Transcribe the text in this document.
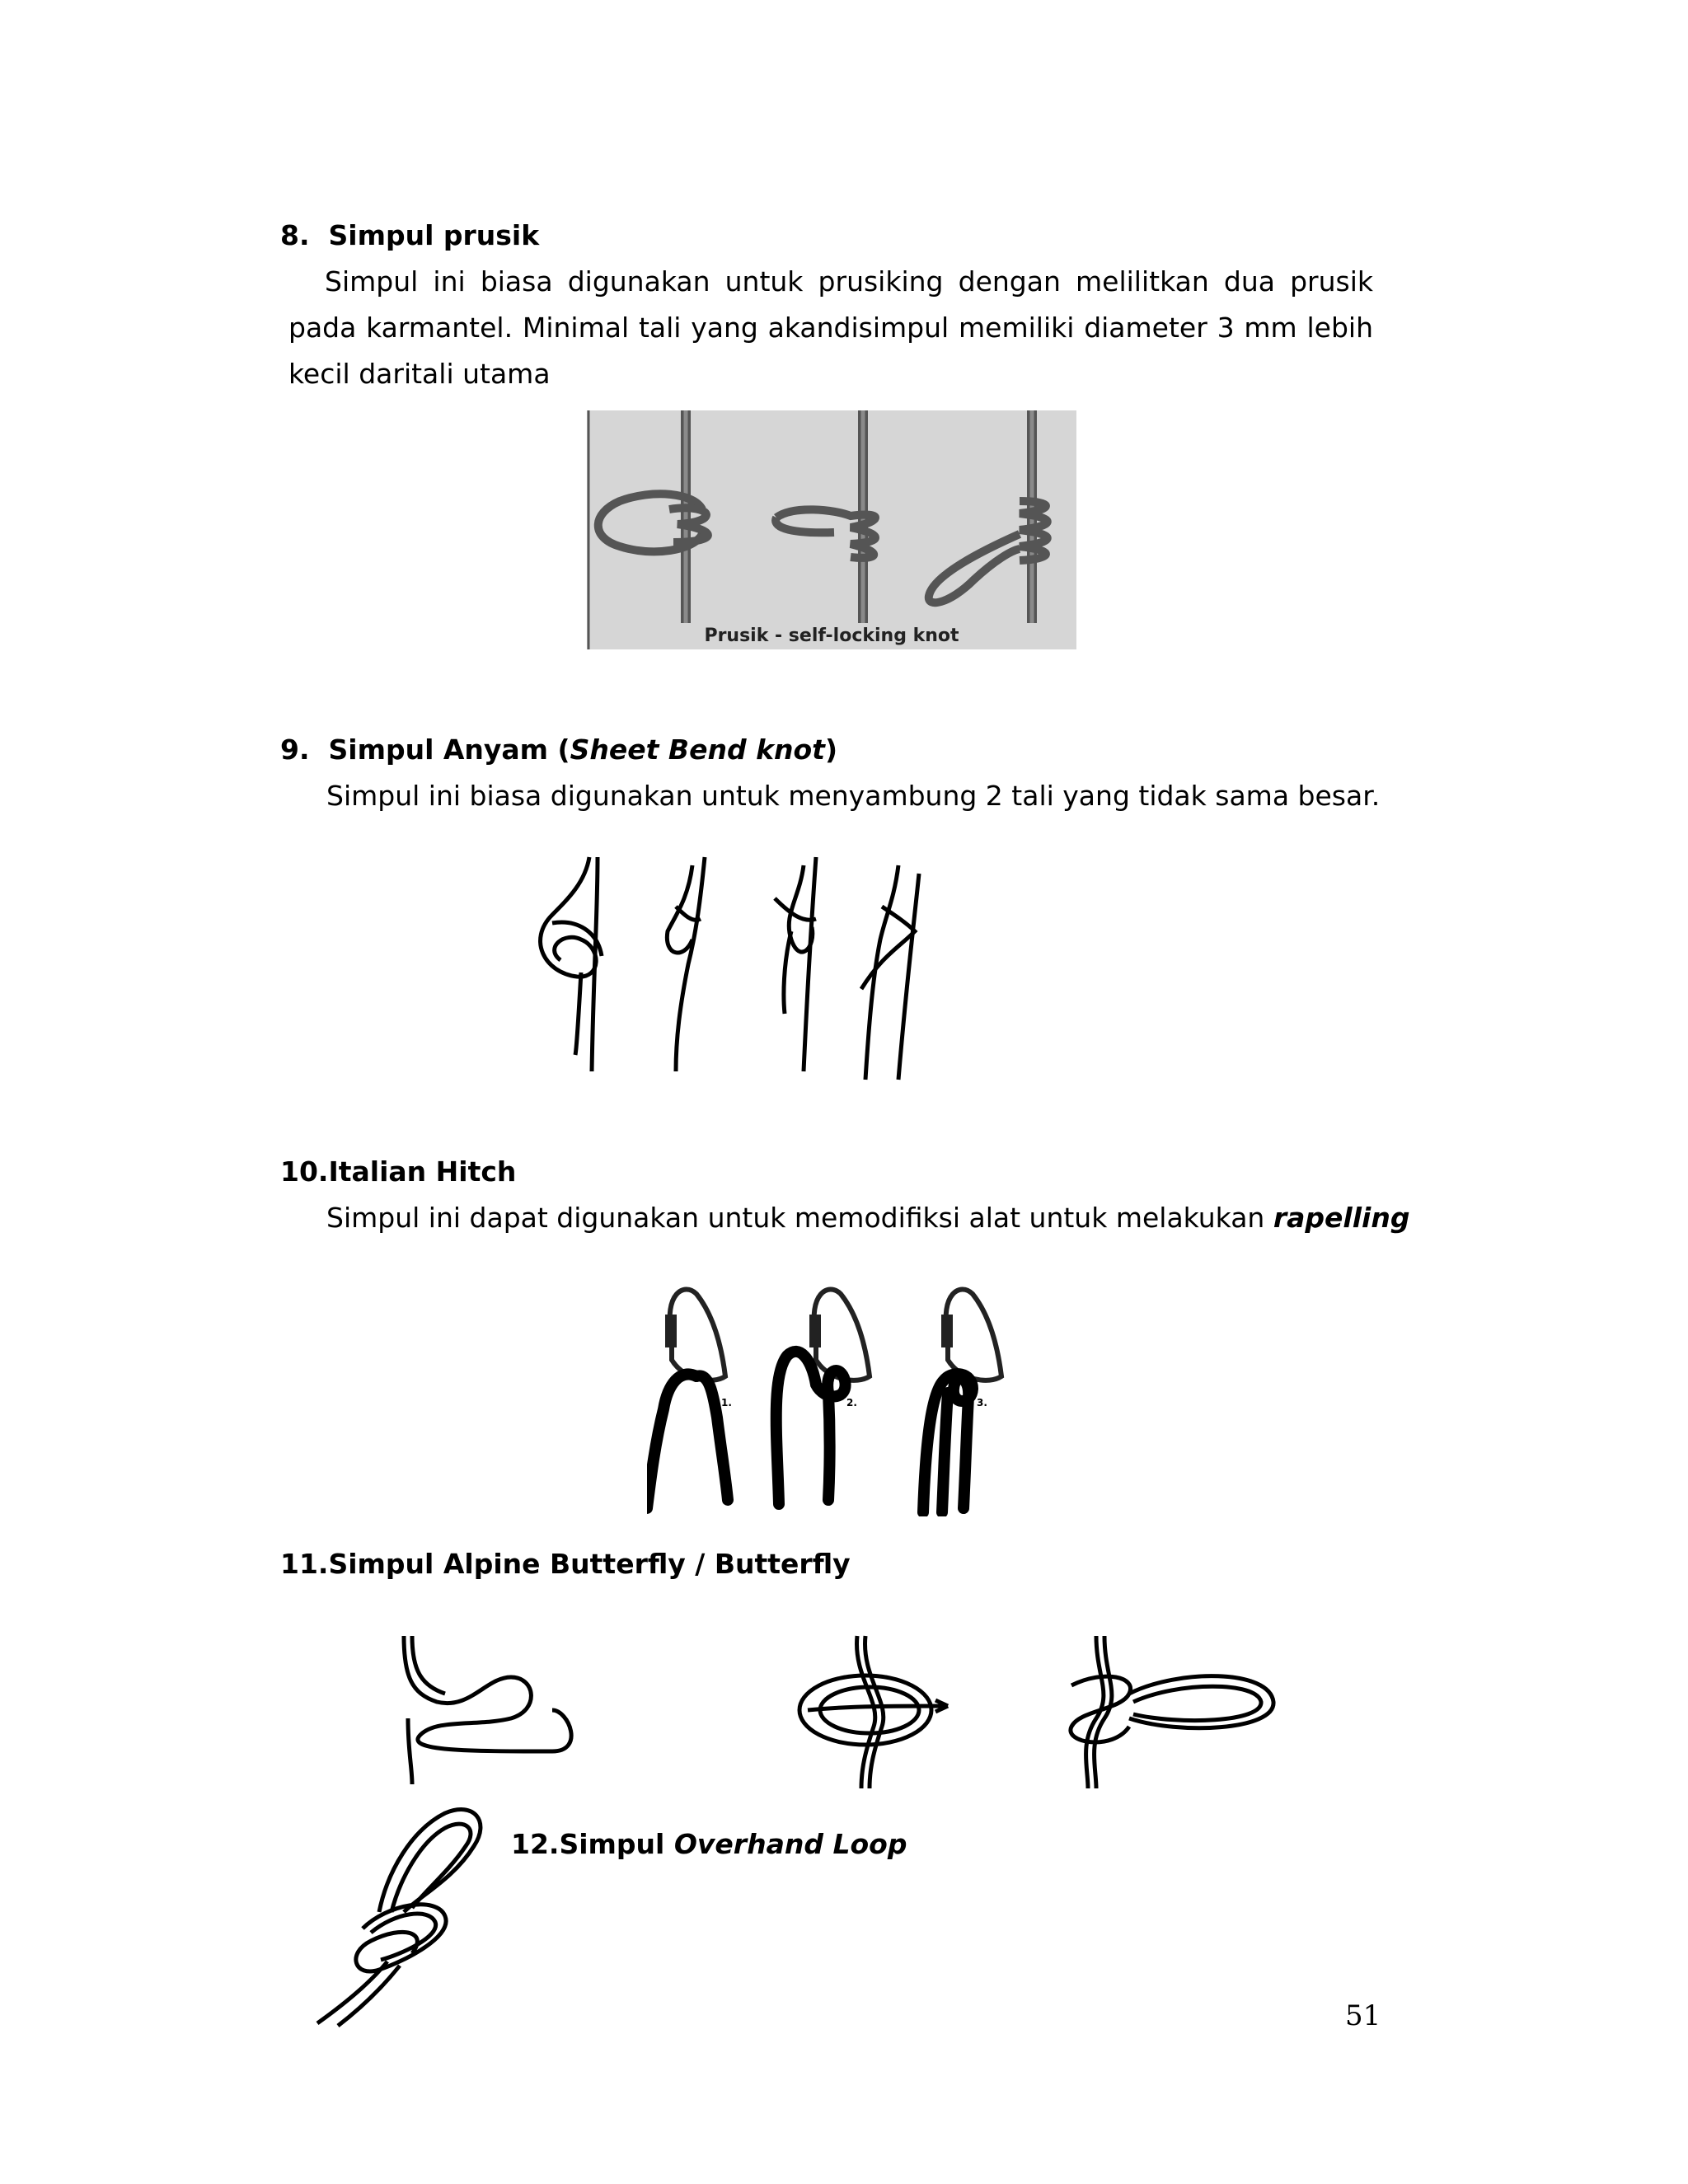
8. Simpul prusik
Simpul ini biasa digunakan untuk prusiking dengan melilitkan dua prusik pada karmantel. Minimal tali yang akandisimpul memiliki diameter 3 mm lebih kecil daritali utama
Prusik - self-locking knot
9. Simpul Anyam (Sheet Bend knot)
Simpul ini biasa digunakan untuk menyambung 2 tali yang tidak sama besar.
10.Italian Hitch
Simpul ini dapat digunakan untuk memodifiksi alat untuk melakukan rapelling
1.	2.	3.
11.Simpul Alpine Butterfly / Butterfly
12.Simpul Overhand Loop
51
